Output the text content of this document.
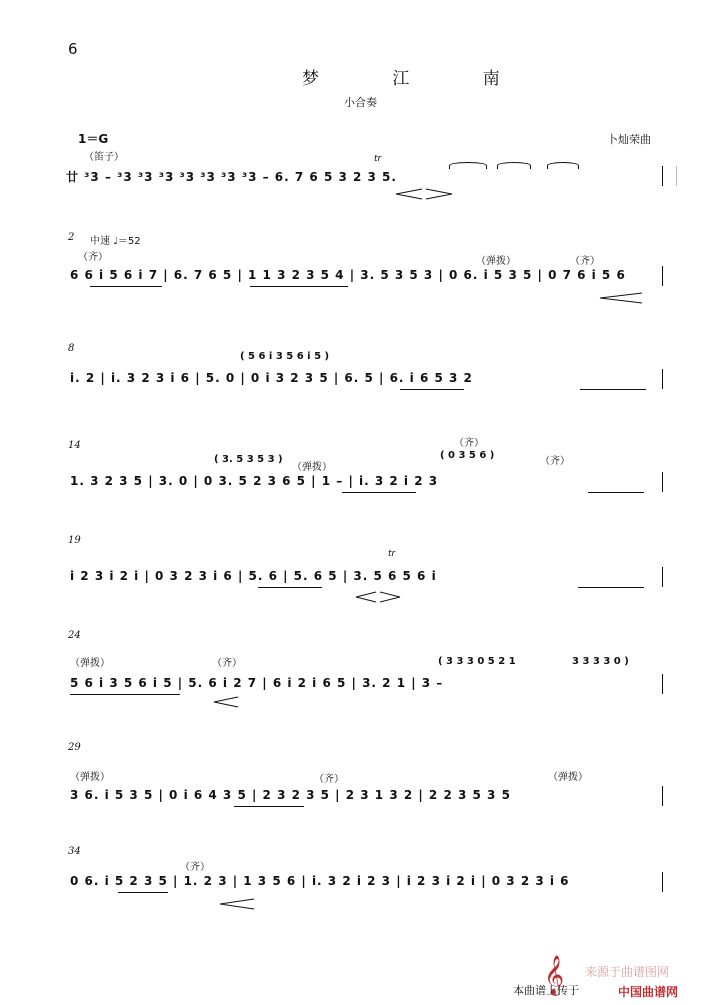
6
梦 江 南
小合奏
1＝G	卜灿荣曲
（笛子）	tr
廿 ³3 – ³3 ³3 ³3 ³3 ³3 ³3 ³3 – 6. 7 6 5 3 2 3 5.
2 中速 ♩＝52
（齐）	（弹拨）	（齐）
6 6 i 5 6 i 7 | 6. 7 6 5 | 1 1 3 2 3 5 4 | 3. 5 3 5 3 | 0 6. i 5 3 5 | 0 7 6 i 5 6
8
( 5 6 i 3 5 6 i 5 )
i. 2 | i. 3 2 3 i 6 | 5. 0 | 0 i 3 2 3 5 | 6. 5 | 6. i 6 5 3 2
14
( 3. 5 3 5 3 )
（弹拨）
（齐）
( 0 3 5 6 )
（齐）
1. 3 2 3 5 | 3. 0 | 0 3. 5 2 3 6 5 | 1 – | i. 3 2 i 2 3
19
tr
i 2 3 i 2 i | 0 3 2 3 i 6 | 5. 6 | 5. 6 5 | 3. 5 6 5 6 i
24
（弹拨）	（齐）	( 3 3 3 0 5 2 1	3 3 3 3 0 )
5 6 i 3 5 6 i 5 | 5. 6 i 2 7 | 6 i 2 i 6 5 | 3. 2 1 | 3 –
29
（弹拨）	（齐）	（弹拨）
3 6. i 5 3 5 | 0 i 6 4 3 5 | 2 3 2 3 5 | 2 3 1 3 2 | 2 2 3 5 3 5
34
（齐）
0 6. i 5 2 3 5 | 1. 2 3 | 1 3 5 6 | i. 3 2 i 2 3 | i 2 3 i 2 i | 0 3 2 3 i 6
来源于曲谱图网
𝄞
本曲谱上传于	中国曲谱网
